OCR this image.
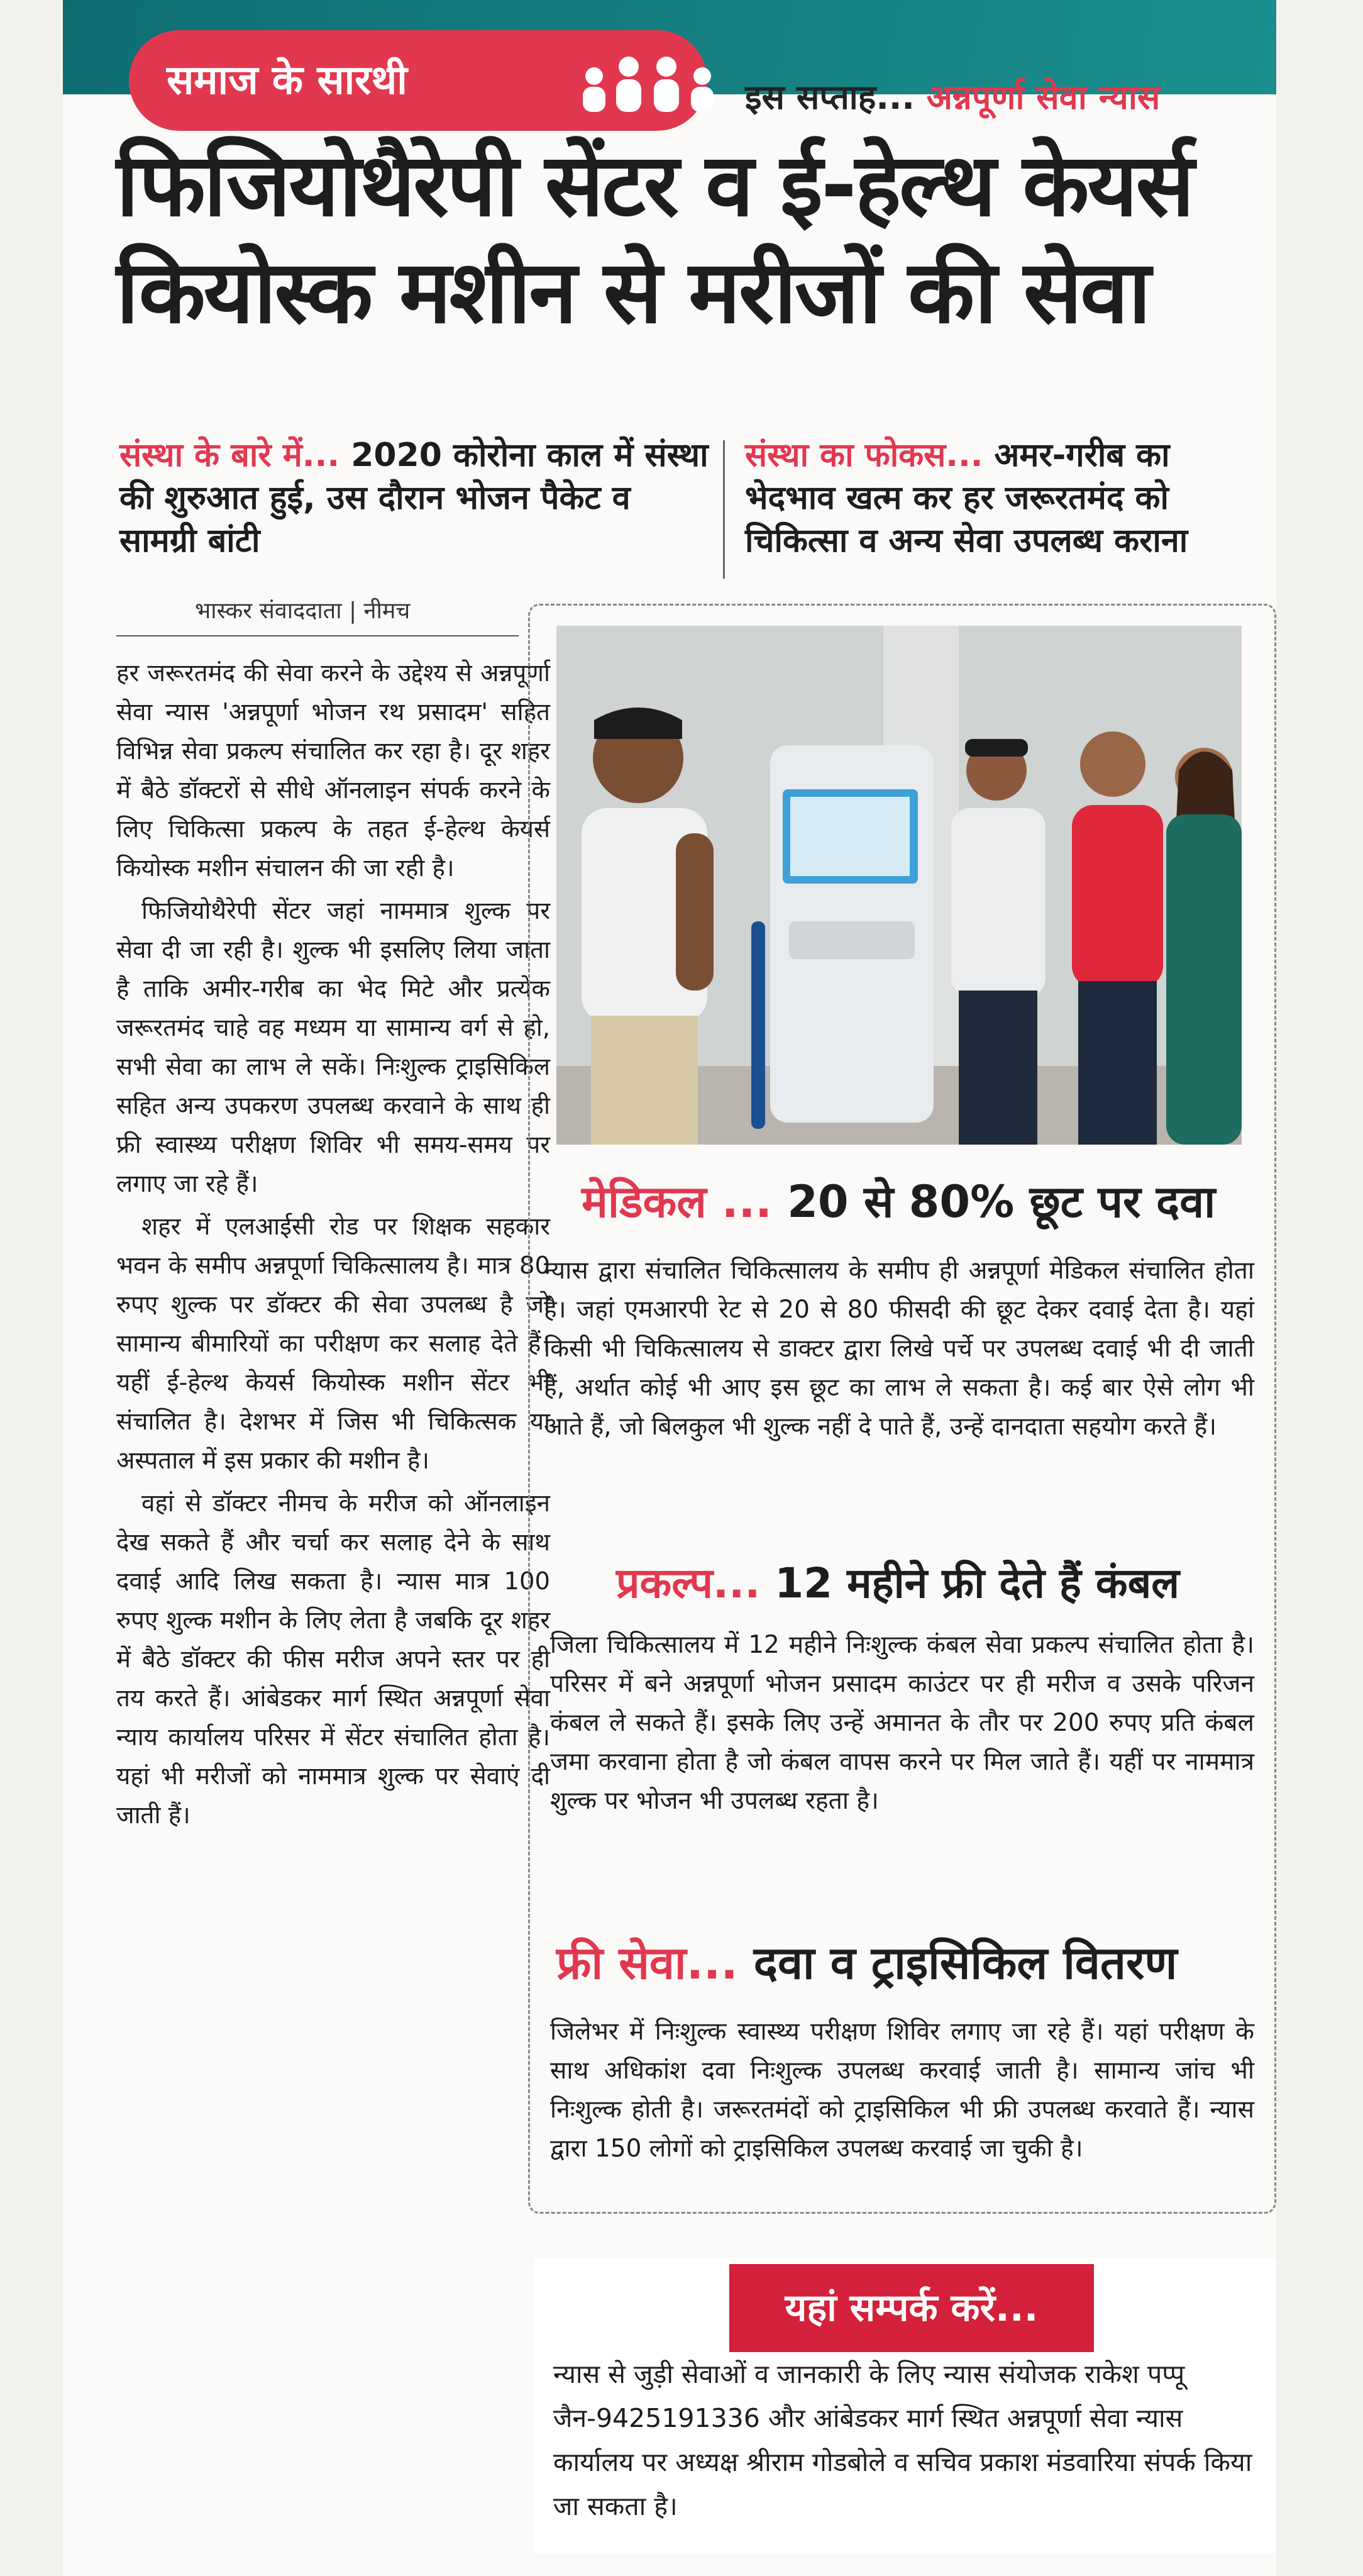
समाज के सारथी	इस सप्ताह... अन्नपूर्णा सेवा न्यास
फिजियोथैरेपी सेंटर व ई-हेल्थ केयर्स कियोस्क मशीन से मरीजों की सेवा
संस्था के बारे में... 2020 कोरोना काल में संस्था की शुरुआत हुई, उस दौरान भोजन पैकेट व सामग्री बांटी
संस्था का फोकस... अमर-गरीब का भेदभाव खत्म कर हर जरूरतमंद को चिकित्सा व अन्य सेवा उपलब्ध कराना
भास्कर संवाददाता | नीमच

हर जरूरतमंद की सेवा करने के उद्देश्य से अन्नपूर्णा सेवा न्यास 'अन्नपूर्णा भोजन रथ प्रसादम' सहित विभिन्न सेवा प्रकल्प संचालित कर रहा है। दूर शहर में बैठे डॉक्टरों से सीधे ऑनलाइन संपर्क करने के लिए चिकित्सा प्रकल्प के तहत ई-हेल्थ केयर्स कियोस्क मशीन संचालन की जा रही है।

फिजियोथैरेपी सेंटर जहां नाममात्र शुल्क पर सेवा दी जा रही है। शुल्क भी इसलिए लिया जाता है ताकि अमीर-गरीब का भेद मिटे और प्रत्येक जरूरतमंद चाहे वह मध्यम या सामान्य वर्ग से हो, सभी सेवा का लाभ ले सकें। निःशुल्क ट्राइसिकिल सहित अन्य उपकरण उपलब्ध करवाने के साथ ही फ्री स्वास्थ्य परीक्षण शिविर भी समय-समय पर लगाए जा रहे हैं।

शहर में एलआईसी रोड पर शिक्षक सहकार भवन के समीप अन्नपूर्णा चिकित्सालय है। मात्र 80 रुपए शुल्क पर डॉक्टर की सेवा उपलब्ध है जो सामान्य बीमारियों का परीक्षण कर सलाह देते हैं। यहीं ई-हेल्थ केयर्स कियोस्क मशीन सेंटर भी संचालित है। देशभर में जिस भी चिकित्सक या अस्पताल में इस प्रकार की मशीन है।

वहां से डॉक्टर नीमच के मरीज को ऑनलाइन देख सकते हैं और चर्चा कर सलाह देने के साथ दवाई आदि लिख सकता है। न्यास मात्र 100 रुपए शुल्क मशीन के लिए लेता है जबकि दूर शहर में बैठे डॉक्टर की फीस मरीज अपने स्तर पर ही तय करते हैं। आंबेडकर मार्ग स्थित अन्नपूर्णा सेवा न्याय कार्यालय परिसर में सेंटर संचालित होता है। यहां भी मरीजों को नाममात्र शुल्क पर सेवाएं दी जाती हैं।

मेडिकल ... 20 से 80% छूट पर दवा
न्यास द्वारा संचालित चिकित्सालय के समीप ही अन्नपूर्णा मेडिकल संचालित होता है। जहां एमआरपी रेट से 20 से 80 फीसदी की छूट देकर दवाई देता है। यहां किसी भी चिकित्सालय से डाक्टर द्वारा लिखे पर्चे पर उपलब्ध दवाई भी दी जाती हैं, अर्थात कोई भी आए इस छूट का लाभ ले सकता है। कई बार ऐसे लोग भी आते हैं, जो बिलकुल भी शुल्क नहीं दे पाते हैं, उन्हें दानदाता सहयोग करते हैं।
प्रकल्प... 12 महीने फ्री देते हैं कंबल
जिला चिकित्सालय में 12 महीने निःशुल्क कंबल सेवा प्रकल्प संचालित होता है। परिसर में बने अन्नपूर्णा भोजन प्रसादम काउंटर पर ही मरीज व उसके परिजन कंबल ले सकते हैं। इसके लिए उन्हें अमानत के तौर पर 200 रुपए प्रति कंबल जमा करवाना होता है जो कंबल वापस करने पर मिल जाते हैं। यहीं पर नाममात्र शुल्क पर भोजन भी उपलब्ध रहता है।
फ्री सेवा... दवा व ट्राइसिकिल वितरण
जिलेभर में निःशुल्क स्वास्थ्य परीक्षण शिविर लगाए जा रहे हैं। यहां परीक्षण के साथ अधिकांश दवा निःशुल्क उपलब्ध करवाई जाती है। सामान्य जांच भी निःशुल्क होती है। जरूरतमंदों को ट्राइसिकिल भी फ्री उपलब्ध करवाते हैं। न्यास द्वारा 150 लोगों को ट्राइसिकिल उपलब्ध करवाई जा चुकी है।
यहां सम्पर्क करें...
न्यास से जुड़ी सेवाओं व जानकारी के लिए न्यास संयोजक राकेश पप्पू जैन-9425191336 और आंबेडकर मार्ग स्थित अन्नपूर्णा सेवा न्यास कार्यालय पर अध्यक्ष श्रीराम गोडबोले व सचिव प्रकाश मंडवारिया संपर्क किया जा सकता है।
